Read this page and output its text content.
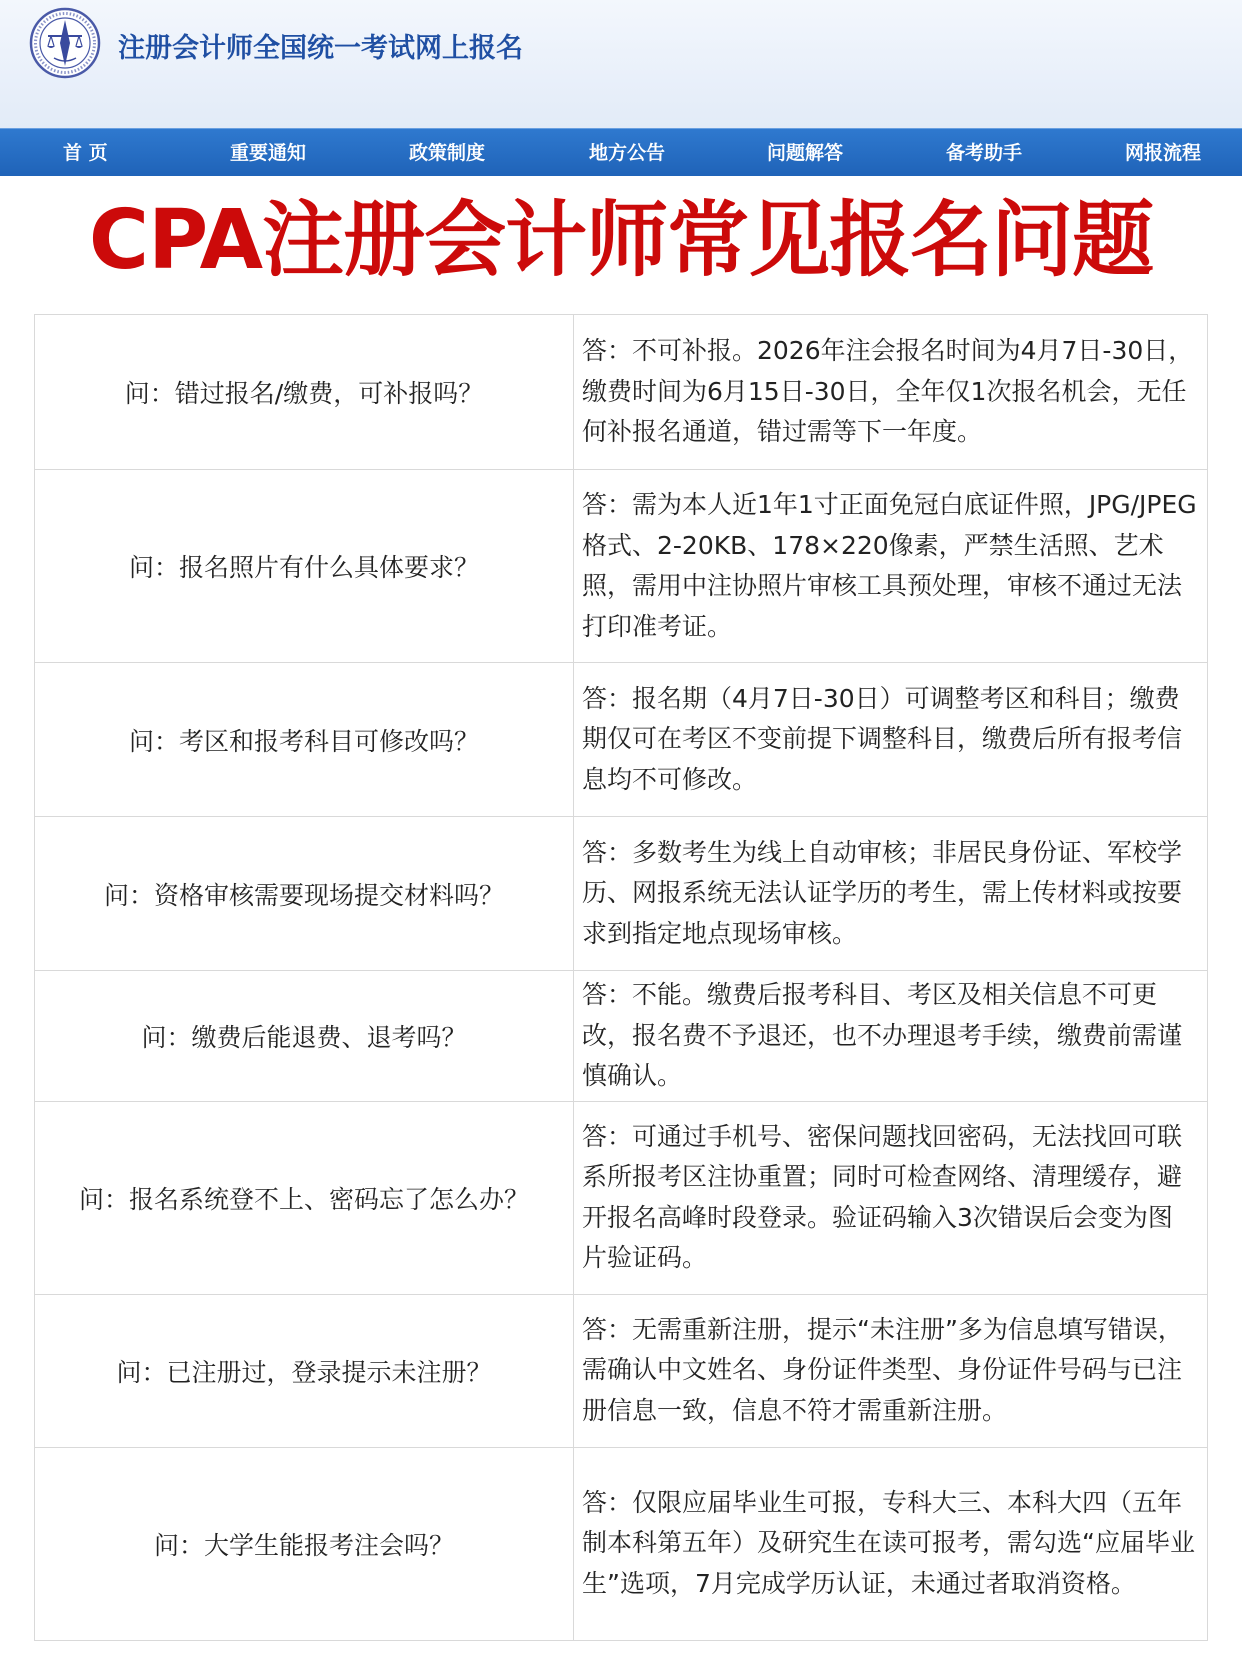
注册会计师全国统一考试网上报名
首 页	重要通知	政策制度	地方公告	问题解答	备考助手	网报流程
CPA注册会计师常见报名问题
问：错过报名/缴费，可补报吗？	答：不可补报。2026年注会报名时间为4月7日-30日，缴费时间为6月15日-30日，全年仅1次报名机会，无任何补报名通道，错过需等下一年度。
问：报名照片有什么具体要求？	答：需为本人近1年1寸正面免冠白底证件照，JPG/JPEG格式、2-20KB、178×220像素，严禁生活照、艺术照，需用中注协照片审核工具预处理，审核不通过无法打印准考证。
问：考区和报考科目可修改吗？	答：报名期（4月7日-30日）可调整考区和科目；缴费期仅可在考区不变前提下调整科目，缴费后所有报考信息均不可修改。
问：资格审核需要现场提交材料吗？	答：多数考生为线上自动审核；非居民身份证、军校学历、网报系统无法认证学历的考生，需上传材料或按要求到指定地点现场审核。
问：缴费后能退费、退考吗？	答：不能。缴费后报考科目、考区及相关信息不可更改，报名费不予退还，也不办理退考手续，缴费前需谨慎确认。
问：报名系统登不上、密码忘了怎么办？	答：可通过手机号、密保问题找回密码，无法找回可联系所报考区注协重置；同时可检查网络、清理缓存，避开报名高峰时段登录。验证码输入3次错误后会变为图片验证码。
问：已注册过，登录提示未注册？	答：无需重新注册，提示“未注册”多为信息填写错误，需确认中文姓名、身份证件类型、身份证件号码与已注册信息一致，信息不符才需重新注册。
问：大学生能报考注会吗？	答：仅限应届毕业生可报，专科大三、本科大四（五年制本科第五年）及研究生在读可报考，需勾选“应届毕业生”选项，7月完成学历认证，未通过者取消资格。
